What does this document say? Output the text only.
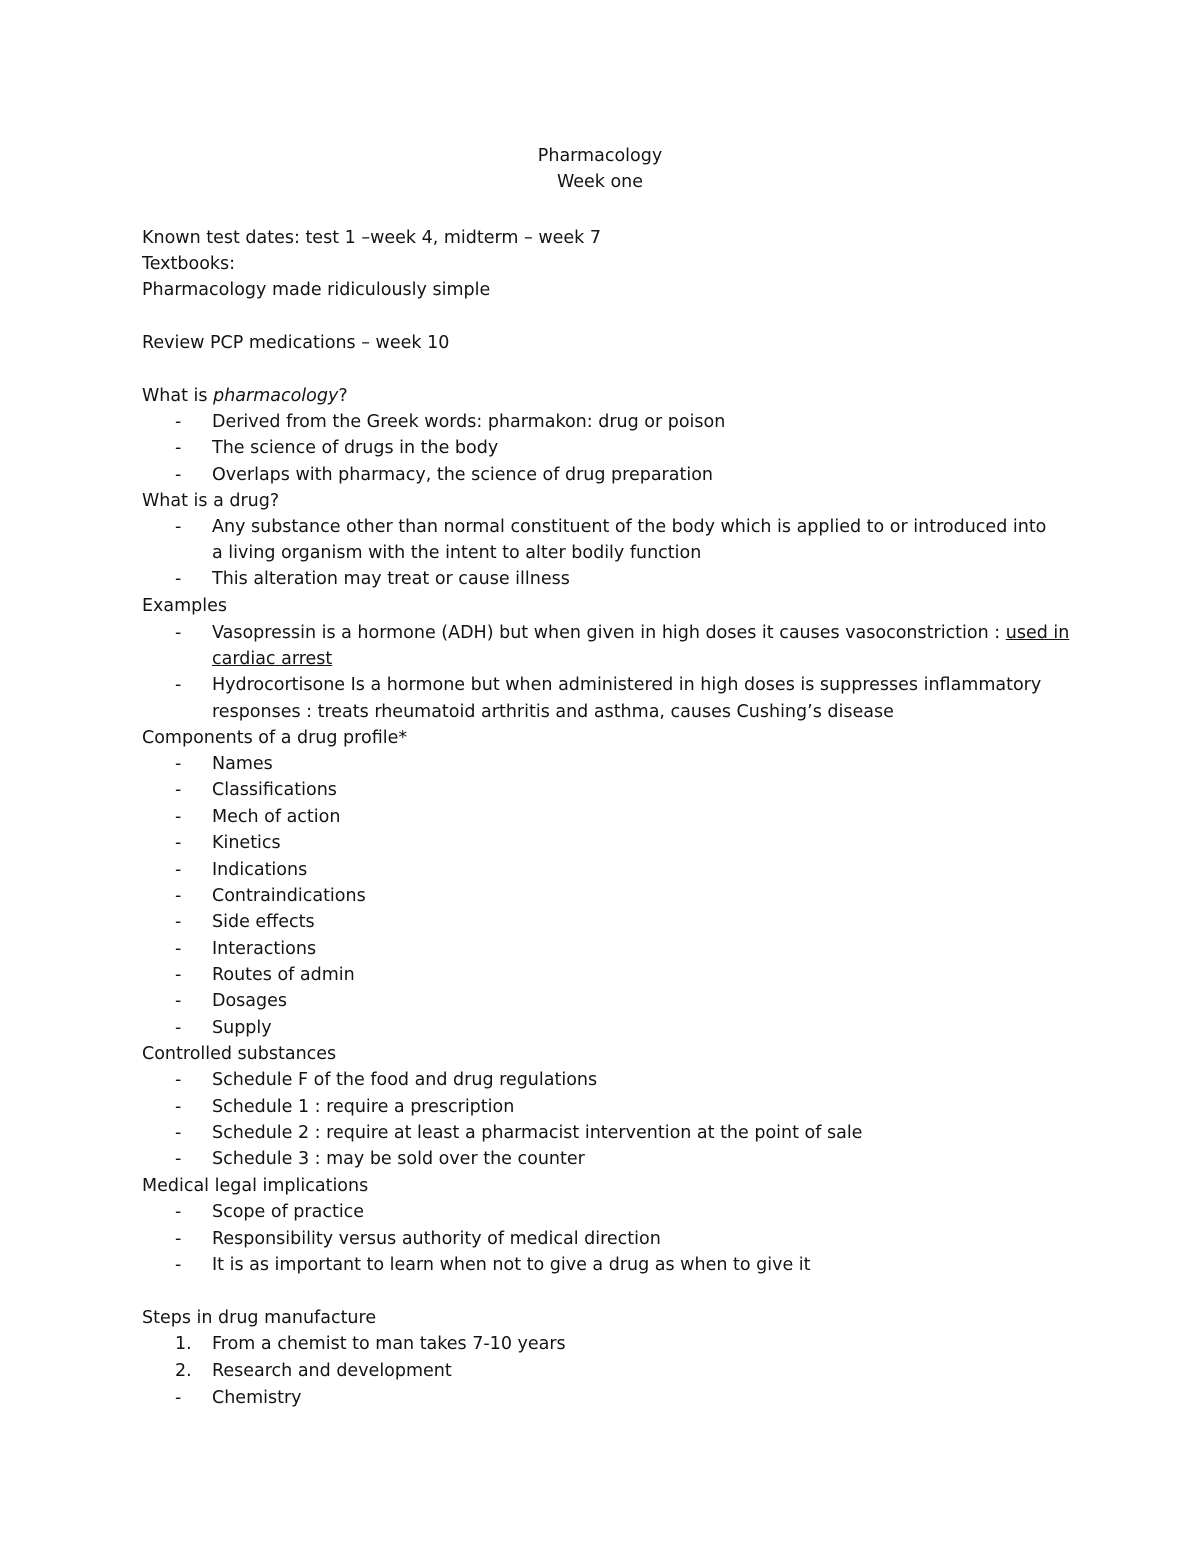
Pharmacology
Week one
Known test dates: test 1 –week 4, midterm – week 7
Textbooks:
Pharmacology made ridiculously simple
Review PCP medications – week 10
What is pharmacology?
- Derived from the Greek words: pharmakon: drug or poison
- The science of drugs in the body
- Overlaps with pharmacy, the science of drug preparation
What is a drug?
- Any substance other than normal constituent of the body which is applied to or introduced into
a living organism with the intent to alter bodily function
- This alteration may treat or cause illness
Examples
- Vasopressin is a hormone (ADH) but when given in high doses it causes vasoconstriction : used in
cardiac arrest
- Hydrocortisone Is a hormone but when administered in high doses is suppresses inflammatory
responses : treats rheumatoid arthritis and asthma, causes Cushing’s disease
Components of a drug profile*
- Names
- Classifications
- Mech of action
- Kinetics
- Indications
- Contraindications
- Side effects
- Interactions
- Routes of admin
- Dosages
- Supply
Controlled substances
- Schedule F of the food and drug regulations
- Schedule 1 : require a prescription
- Schedule 2 : require at least a pharmacist intervention at the point of sale
- Schedule 3 : may be sold over the counter
Medical legal implications
- Scope of practice
- Responsibility versus authority of medical direction
- It is as important to learn when not to give a drug as when to give it
Steps in drug manufacture
1. From a chemist to man takes 7-10 years
2. Research and development
- Chemistry
